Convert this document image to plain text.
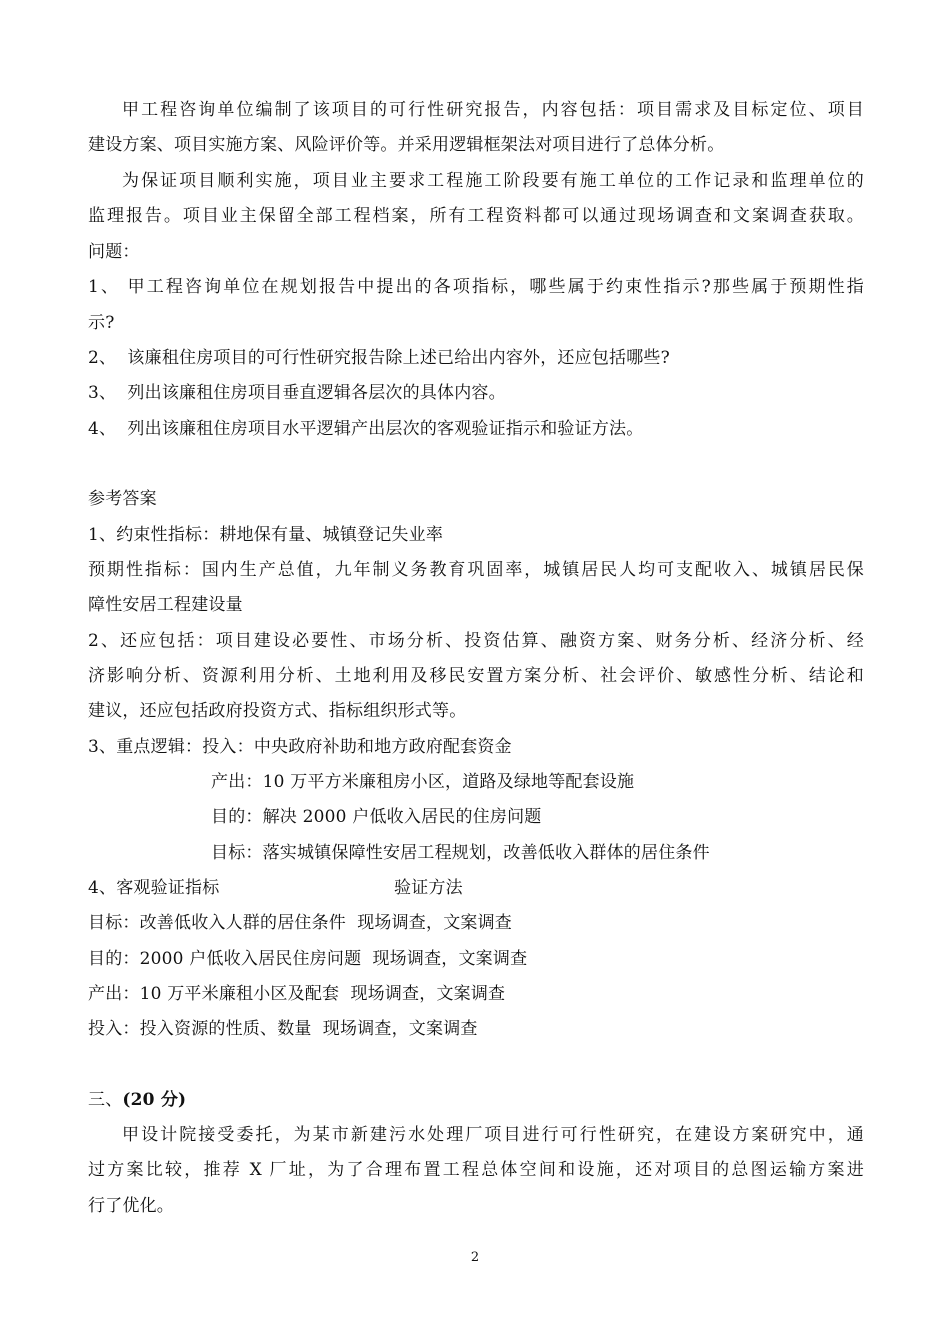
甲工程咨询单位编制了该项目的可行性研究报告，内容包括：项目需求及目标定位、项目
建设方案、项目实施方案、风险评价等。并采用逻辑框架法对项目进行了总体分析。
为保证项目顺利实施，项目业主要求工程施工阶段要有施工单位的工作记录和监理单位的
监理报告。项目业主保留全部工程档案，所有工程资料都可以通过现场调查和文案调查获取。
问题：
1、 甲工程咨询单位在规划报告中提出的各项指标，哪些属于约束性指示?那些属于预期性指
示?
2、  该廉租住房项目的可行性研究报告除上述已给出内容外，还应包括哪些?
3、  列出该廉租住房项目垂直逻辑各层次的具体内容。
4、  列出该廉租住房项目水平逻辑产出层次的客观验证指示和验证方法。
参考答案
1、约束性指标：耕地保有量、城镇登记失业率
预期性指标：国内生产总值，九年制义务教育巩固率，城镇居民人均可支配收入、城镇居民保
障性安居工程建设量
2、还应包括：项目建设必要性、市场分析、投资估算、融资方案、财务分析、经济分析、经
济影响分析、资源利用分析、土地利用及移民安置方案分析、社会评价、敏感性分析、结论和
建议，还应包括政府投资方式、指标组织形式等。
3、重点逻辑：投入：中央政府补助和地方政府配套资金
产出：10 万平方米廉租房小区，道路及绿地等配套设施
目的：解决 2000 户低收入居民的住房问题
目标：落实城镇保障性安居工程规划，改善低收入群体的居住条件
4、客观验证指标	验证方法
目标：改善低收入人群的居住条件  现场调查，文案调查
目的：2000 户低收入居民住房问题  现场调查，文案调查
产出：10 万平米廉租小区及配套  现场调查，文案调查
投入：投入资源的性质、数量  现场调查，文案调查
三、(20 分)
甲设计院接受委托，为某市新建污水处理厂项目进行可行性研究，在建设方案研究中，通
过方案比较，推荐 X 厂址，为了合理布置工程总体空间和设施，还对项目的总图运输方案进
行了优化。
2
